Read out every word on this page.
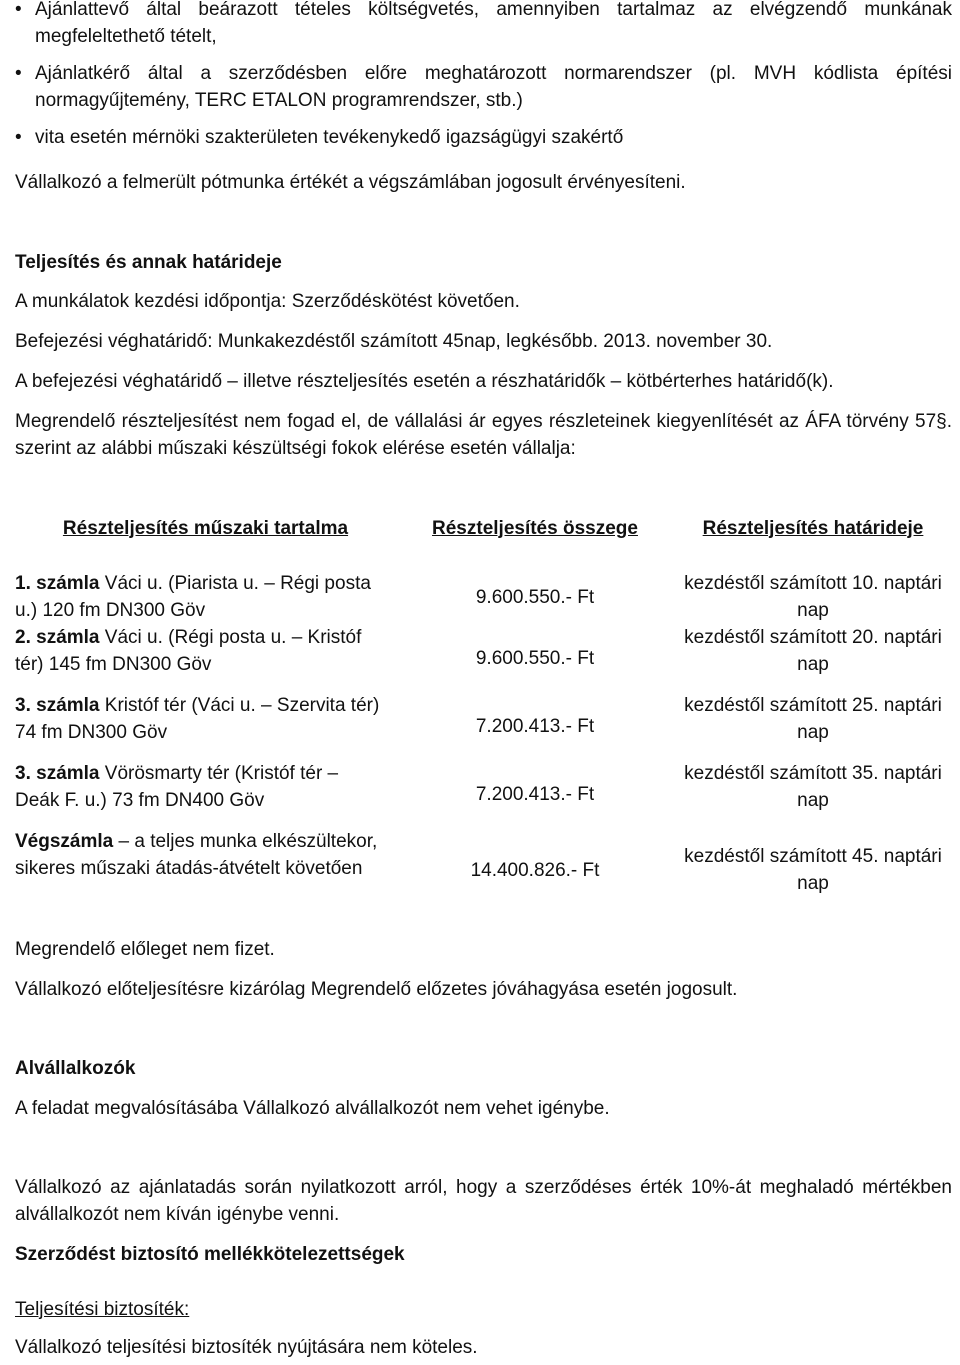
• Ajánlattevő által beárazott tételes költségvetés, amennyiben tartalmaz az elvégzendő munkának megfeleltethető tételt,
• Ajánlatkérő által a szerződésben előre meghatározott normarendszer (pl. MVH kódlista építési normagyűjtemény, TERC ETALON programrendszer, stb.)
• vita esetén mérnöki szakterületen tevékenykedő igazságügyi szakértő

Vállalkozó a felmerült pótmunka értékét a végszámlában jogosult érvényesíteni.

Teljesítés és annak határideje

A munkálatok kezdési időpontja: Szerződéskötést követően.

Befejezési véghatáridő: Munkakezdéstől számított 45nap, legkésőbb. 2013. november 30.

A befejezési véghatáridő – illetve részteljesítés esetén a részhatáridők – kötbérterhes határidő(k).

Megrendelő részteljesítést nem fogad el, de vállalási ár egyes részleteinek kiegyenlítését az ÁFA törvény 57§. szerint az alábbi műszaki készültségi fokok elérése esetén vállalja:

Részteljesítés műszaki tartalma	Részteljesítés összege	Részteljesítés határideje
1. számla Váci u. (Piarista u. – Régi posta u.) 120 fm DN300 Göv	9.600.550.- Ft	kezdéstől számított 10. naptári nap
2. számla Váci u. (Régi posta u. – Kristóf tér) 145 fm DN300 Göv	9.600.550.- Ft	kezdéstől számított 20. naptári nap
3. számla Kristóf tér (Váci u. – Szervita tér) 74 fm DN300 Göv	7.200.413.- Ft	kezdéstől számított 25. naptári nap
3. számla Vörösmarty tér (Kristóf tér – Deák F. u.) 73 fm DN400 Göv	7.200.413.- Ft	kezdéstől számított 35. naptári nap
Végszámla – a teljes munka elkészültekor, sikeres műszaki átadás-átvételt követően	14.400.826.- Ft	kezdéstől számított 45. naptári nap

Megrendelő előleget nem fizet.

Vállalkozó előteljesítésre kizárólag Megrendelő előzetes jóváhagyása esetén jogosult.

Alvállalkozók

A feladat megvalósításába Vállalkozó alvállalkozót nem vehet igénybe.

Vállalkozó az ajánlatadás során nyilatkozott arról, hogy a szerződéses érték 10%-át meghaladó mértékben alvállalkozót nem kíván igénybe venni.

Szerződést biztosító mellékkötelezettségek

Teljesítési biztosíték:

Vállalkozó teljesítési biztosíték nyújtására nem köteles.
